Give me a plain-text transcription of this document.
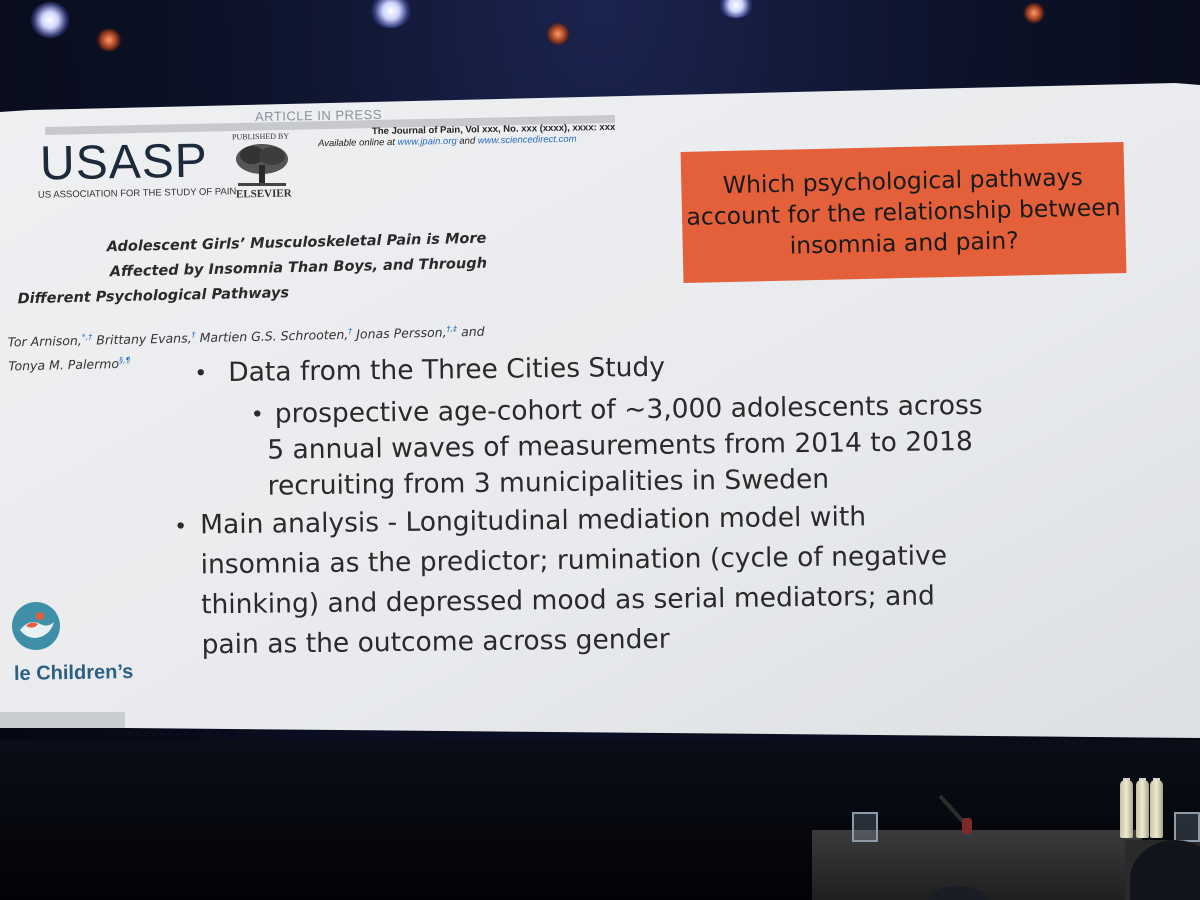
ARTICLE IN PRESS
USASP
US ASSOCIATION FOR THE STUDY OF PAIN
PUBLISHED BY
ELSEVIER
The Journal of Pain, Vol xxx, No. xxx (xxxx), xxxx: xxx
Available online at www.jpain.org and www.sciencedirect.com
Adolescent Girls’ Musculoskeletal Pain is More
Affected by Insomnia Than Boys, and Through
Different Psychological Pathways
Tor Arnison,*,† Brittany Evans,† Martien G.S. Schrooten,† Jonas Persson,†,‡ and
Tonya M. Palermo§,¶
Which psychological pathways account for the relationship between insomnia and pain?
• Data from the Three Cities Study
• prospective age-cohort of ~3,000 adolescents across
5 annual waves of measurements from 2014 to 2018
recruiting from 3 municipalities in Sweden
• Main analysis - Longitudinal mediation model with
insomnia as the predictor; rumination (cycle of negative
thinking) and depressed mood as serial mediators; and
pain as the outcome across gender
le Children’s
